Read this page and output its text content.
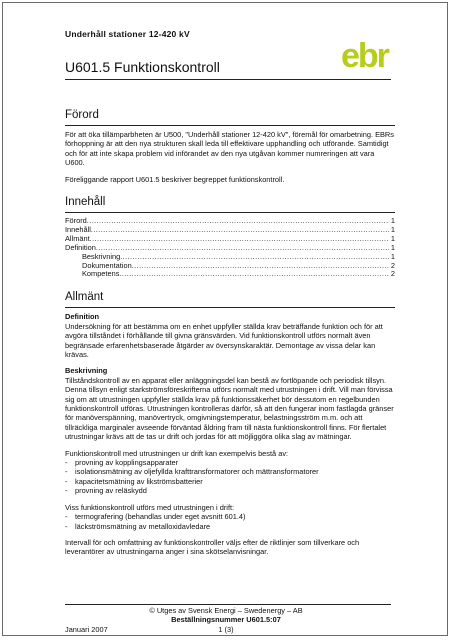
Underhåll stationer 12-420 kV
ebr
U601.5 Funktionskontroll
Förord

För att öka tillämparbheten är U500, "Underhåll stationer 12-420 kV", föremål för omarbetning. EBRs förhoppning är att den nya strukturen skall leda till effektivare upphandling och utförande. Samtidigt och för att inte skapa problem vid införandet av den nya utgåvan kommer numreringen att vara U600.

Föreliggande rapport U601.5 beskriver begreppet funktionskontroll.

Innehåll
Förord .....	1
Innehåll .....	1
Allmänt .....	1
Definition .....	1
Beskrivning .....	1
Dokumentation .....	2
Kompetens .....	2
Allmänt
Definition

Undersökning för att bestämma om en enhet uppfyller ställda krav beträffande funktion och för att avgöra tillståndet i förhållande till givna gränsvärden. Vid funktionskontroll utförs normalt även begränsade erfarenhetsbaserade åtgärder av översynskaraktär. Demontage av vissa delar kan krävas.

Beskrivning

Tillståndskontroll av en apparat eller anläggningsdel kan bestå av fortlöpande och periodisk tillsyn. Denna tillsyn enligt starkströmsföreskrifterna utförs normalt med utrustningen i drift. Vill man förvissa sig om att utrustningen uppfyller ställda krav på funktionssäkerhet bör dessutom en regelbunden funktionskontroll utföras. Utrustningen kontrolleras därför, så att den fungerar inom fastlagda gränser för manöverspänning, manövertryck, omgivningstemperatur, belastningsström m.m. och att tillräckliga marginaler avseende förväntad åldring fram till nästa funktionskontroll finns. För flertalet utrustningar krävs att de tas ur drift och jordas för att möjliggöra olika slag av mätningar.

Funktionskontroll med utrustningen ur drift kan exempelvis bestå av:

- provning av kopplingsapparater
- isolationsmätning av oljefyllda krafttransformatorer och mättransformatorer
- kapacitetsmätning av likströmsbatterier
- provning av reläskydd

Viss funktionskontroll utförs med utrustningen i drift:

- termografering (behandlas under eget avsnitt 601.4)
- läckströmsmätning av metalloxidavledare

Intervall för och omfattning av funktionskontroller väljs efter de riktlinjer som tillverkare och leverantörer av utrustningarna anger i sina skötselanvisningar.

© Utges av Svensk Energi – Swedenergy – AB
Beställningsnummer U601.5:07
Januari 2007	1 (3)
